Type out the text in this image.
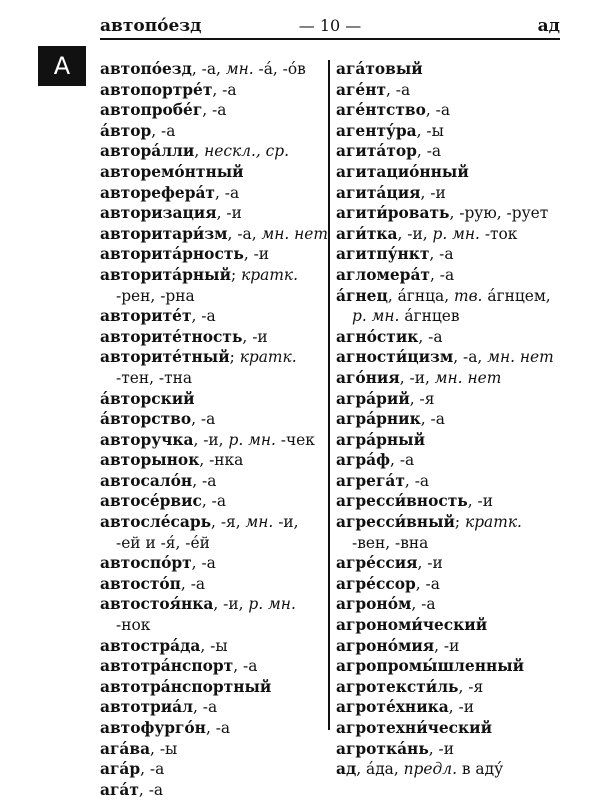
автопо́езд	— 10 —	ад
А	автопо́езд, -а, мн. -а́, -о́в
автопортре́т, -а
автопробе́г, -а
а́втор, -а
автора́лли, нескл., ср.
авторемо́нтный
авторефера́т, -а
авторизация, -и
авторитари́зм, -а, мн. нет
авторита́рность, -и
авторита́рный; кратк.
-рен, -рна
авторите́т, -а
авторите́тность, -и
авторите́тный; кратк.
-тен, -тна
а́вторский
а́вторство, -а
авторучка, -и, р. мн. -чек
авторынок, -нка
автосало́н, -а
автосе́рвис, -а
автосле́сарь, -я, мн. -и,
-ей и -я́, -е́й
автоспо́рт, -а
автосто́п, -а
автостоя́нка, -и, р. мн.
-нок
автостра́да, -ы
автотра́нспорт, -а
автотра́нспортный
автотриа́л, -а
автофурго́н, -а
ага́ва, -ы
ага́р, -а
ага́т, -а
ага́товый
аге́нт, -а
аге́нтство, -а
агенту́ра, -ы
агита́тор, -а
агитацио́нный
агита́ция, -и
агити́ровать, -рую, -рует
аги́тка, -и, р. мн. -ток
агитпу́нкт, -а
агломера́т, -а
а́гнец, а́гнца, тв. а́гнцем,
р. мн. а́гнцев
агно́стик, -а
агности́цизм, -а, мн. нет
аго́ния, -и, мн. нет
агра́рий, -я
агра́рник, -а
агра́рный
агра́ф, -а
агрега́т, -а
агресси́вность, -и
агресси́вный; кратк.
-вен, -вна
агре́ссия, -и
агре́ссор, -а
агроно́м, -а
агрономи́ческий
агроно́мия, -и
агропромы́шленный
агротексти́ль, -я
агроте́хника, -и
агротехни́ческий
агротка́нь, -и
ад, а́да, предл. в аду́
